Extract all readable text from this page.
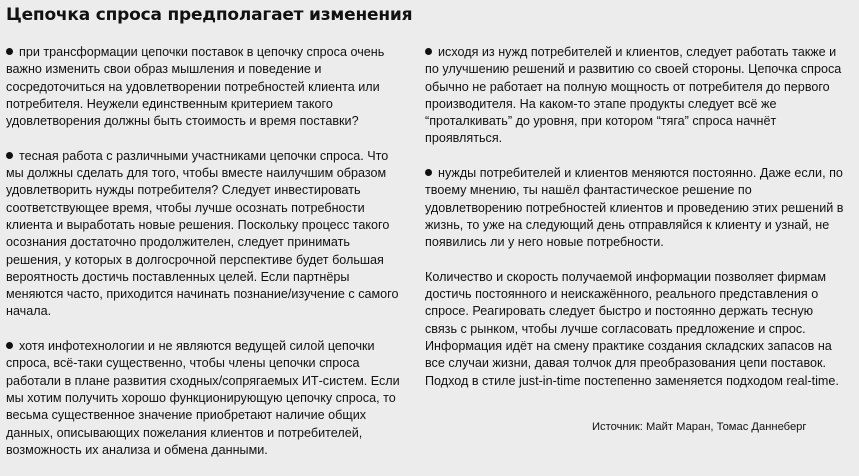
Цепочка спроса предполагает изменения

при трансформации цепочки поставок в цепочку спроса очень важно изменить свои образ мышления и поведение и сосредоточиться на удовлетворении потребностей клиента или потребителя. Неужели единственным критерием такого удовлетворения должны быть стоимость и время поставки?

тесная работа с различными участниками цепочки спроса. Что мы должны сделать для того, чтобы вместе наилучшим образом удовлетворить нужды потребителя? Следует инвестировать соответствующее время, чтобы лучше осознать потребности клиента и выработать новые решения. Поскольку процесс такого осознания достаточно продолжителен, следует принимать решения, у которых в долгосрочной перспективе будет большая вероятность достичь поставленных целей. Если партнёры меняются часто, приходится начинать познание/изучение с самого начала.

хотя инфотехнологии и не являются ведущей силой цепочки спроса, всё-таки существенно, чтобы члены цепочки спроса работали в плане развития сходных/сопрягаемых ИТ-систем. Если мы хотим получить хорошо функционирующую цепочку спроса, то весьма существенное значение приобретают наличие общих данных, описывающих пожелания клиентов и потребителей, возможность их анализа и обмена данными.

исходя из нужд потребителей и клиентов, следует работать также и по улучшению решений и развитию со своей стороны. Цепочка спроса обычно не работает на полную мощность от потребителя до первого производителя. На каком-то этапе продукты следует всё же “проталкивать” до уровня, при котором “тяга” спроса начнёт проявляться.

нужды потребителей и клиентов меняются постоянно. Даже если, по твоему мнению, ты нашёл фантастическое решение по удовлетворению потребностей клиентов и проведению этих решений в жизнь, то уже на следующий день отправляйся к клиенту и узнай, не появились ли у него новые потребности.

Количество и скорость получаемой информации позволяет фирмам достичь постоянного и неискажённого, реального представления о спросе. Реагировать следует быстро и постоянно держать тесную связь с рынком, чтобы лучше согласовать предложение и спрос. Информация идёт на смену практике создания складских запасов на все случаи жизни, давая толчок для преобразования цепи поставок. Подход в стиле just-in-time постепенно заменяется подходом real-time.

Источник: Майт Маран, Томас Даннеберг
